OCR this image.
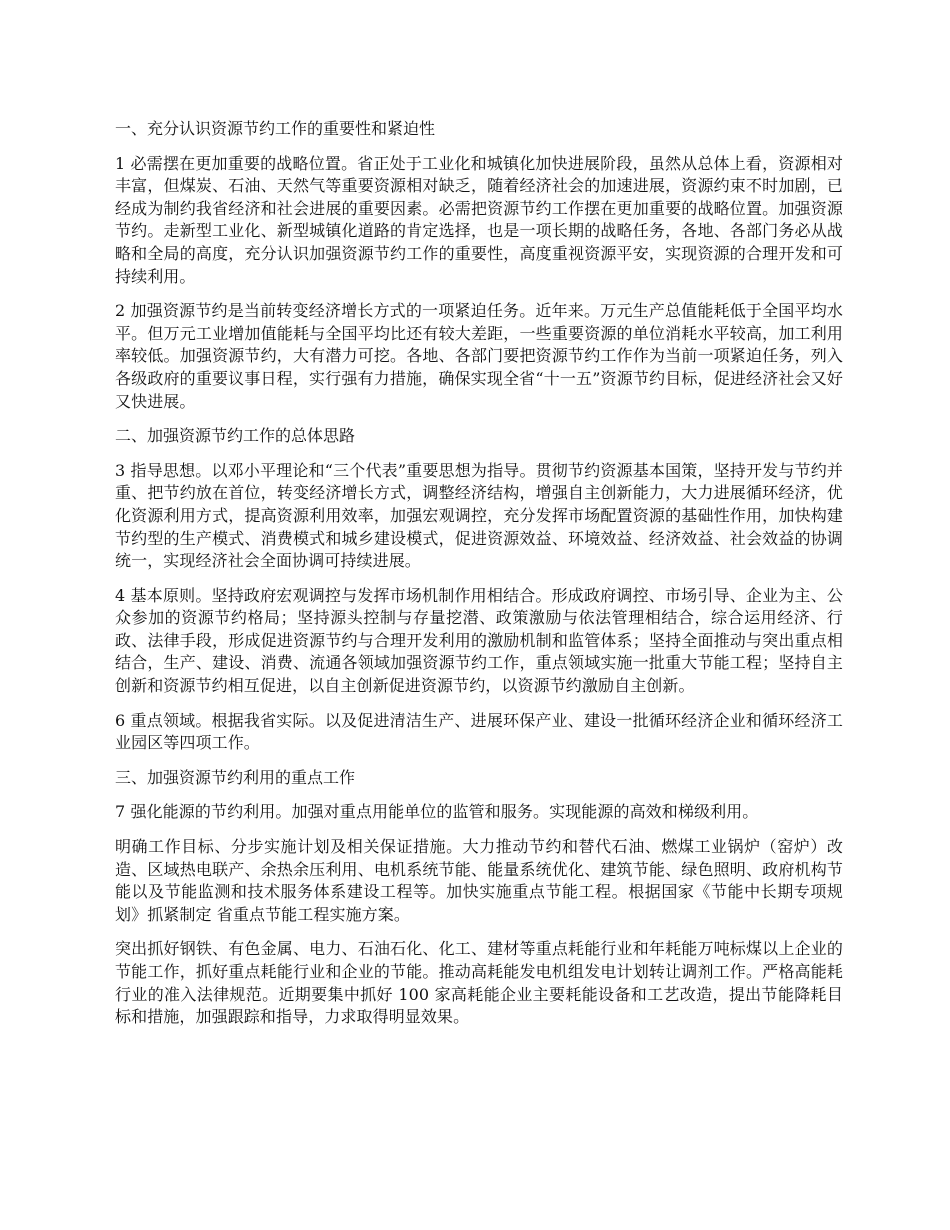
一、充分认识资源节约工作的重要性和紧迫性

1 必需摆在更加重要的战略位置。省正处于工业化和城镇化加快进展阶段，虽然从总体上看，资源相对丰富，但煤炭、石油、天然气等重要资源相对缺乏，随着经济社会的加速进展，资源约束不时加剧，已经成为制约我省经济和社会进展的重要因素。必需把资源节约工作摆在更加重要的战略位置。加强资源节约。走新型工业化、新型城镇化道路的肯定选择，也是一项长期的战略任务，各地、各部门务必从战略和全局的高度，充分认识加强资源节约工作的重要性，高度重视资源平安，实现资源的合理开发和可持续利用。

2 加强资源节约是当前转变经济增长方式的一项紧迫任务。近年来。万元生产总值能耗低于全国平均水平。但万元工业增加值能耗与全国平均比还有较大差距，一些重要资源的单位消耗水平较高，加工利用率较低。加强资源节约，大有潜力可挖。各地、各部门要把资源节约工作作为当前一项紧迫任务，列入各级政府的重要议事日程，实行强有力措施，确保实现全省“十一五”资源节约目标，促进经济社会又好又快进展。

二、加强资源节约工作的总体思路

3 指导思想。以邓小平理论和“三个代表”重要思想为指导。贯彻节约资源基本国策，坚持开发与节约并重、把节约放在首位，转变经济增长方式，调整经济结构，增强自主创新能力，大力进展循环经济，优化资源利用方式，提高资源利用效率，加强宏观调控，充分发挥市场配置资源的基础性作用，加快构建节约型的生产模式、消费模式和城乡建设模式，促进资源效益、环境效益、经济效益、社会效益的协调统一，实现经济社会全面协调可持续进展。

4 基本原则。坚持政府宏观调控与发挥市场机制作用相结合。形成政府调控、市场引导、企业为主、公众参加的资源节约格局；坚持源头控制与存量挖潜、政策激励与依法管理相结合，综合运用经济、行政、法律手段，形成促进资源节约与合理开发利用的激励机制和监管体系；坚持全面推动与突出重点相结合，生产、建设、消费、流通各领域加强资源节约工作，重点领域实施一批重大节能工程；坚持自主创新和资源节约相互促进，以自主创新促进资源节约，以资源节约激励自主创新。

6 重点领域。根据我省实际。以及促进清洁生产、进展环保产业、建设一批循环经济企业和循环经济工业园区等四项工作。

三、加强资源节约利用的重点工作

7 强化能源的节约利用。加强对重点用能单位的监管和服务。实现能源的高效和梯级利用。

明确工作目标、分步实施计划及相关保证措施。大力推动节约和替代石油、燃煤工业锅炉（窑炉）改造、区域热电联产、余热余压利用、电机系统节能、能量系统优化、建筑节能、绿色照明、政府机构节能以及节能监测和技术服务体系建设工程等。加快实施重点节能工程。根据国家《节能中长期专项规划》抓紧制定 省重点节能工程实施方案。

突出抓好钢铁、有色金属、电力、石油石化、化工、建材等重点耗能行业和年耗能万吨标煤以上企业的节能工作，抓好重点耗能行业和企业的节能。推动高耗能发电机组发电计划转让调剂工作。严格高能耗行业的准入法律规范。近期要集中抓好 100 家高耗能企业主要耗能设备和工艺改造，提出节能降耗目标和措施，加强跟踪和指导，力求取得明显效果。
